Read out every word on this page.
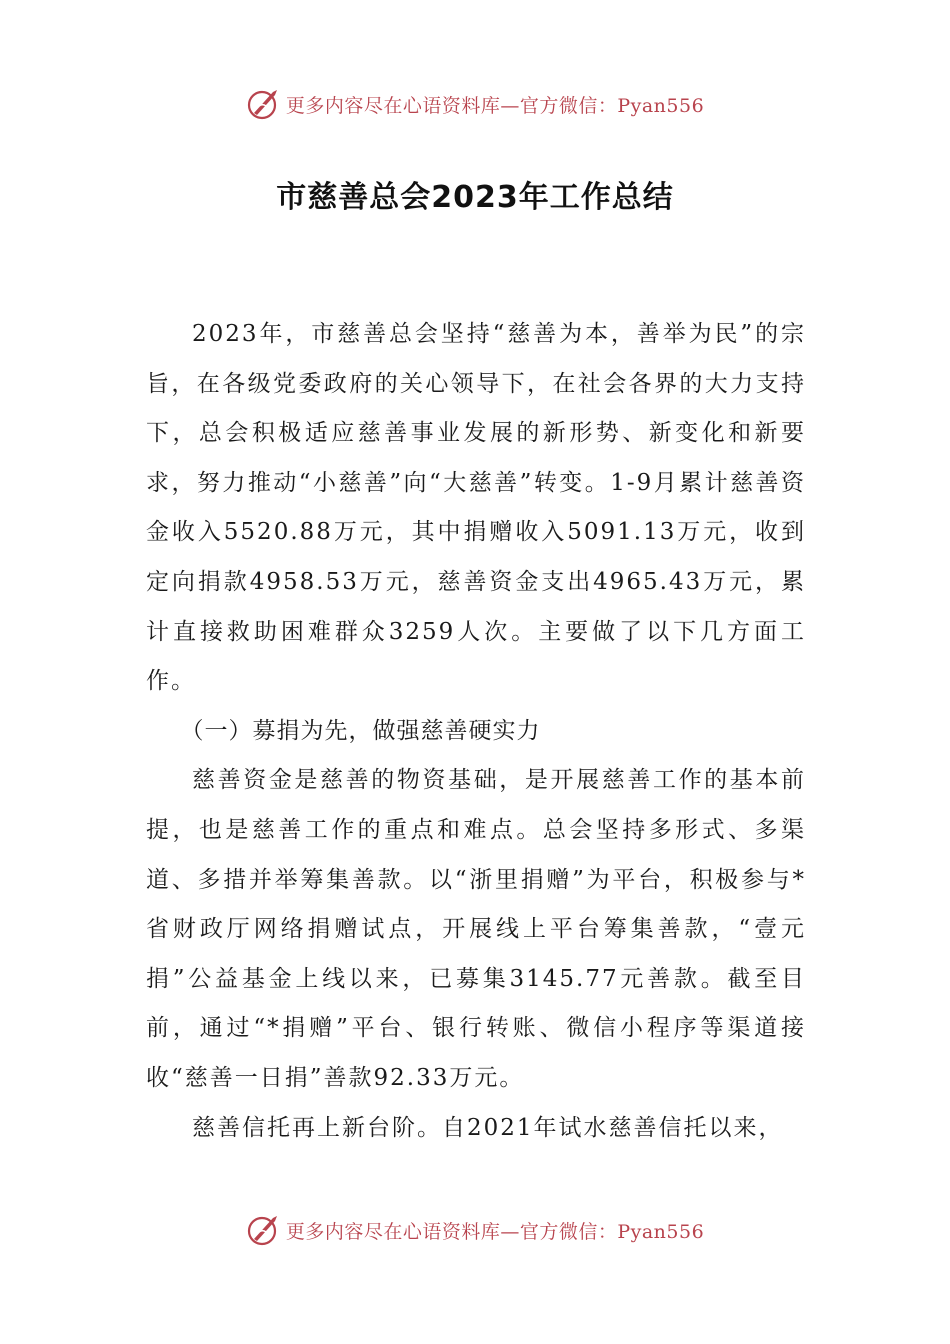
更多内容尽在心语资料库—官方微信：Pyan556
市慈善总会2023年工作总结

2023年，市慈善总会坚持“慈善为本，善举为民”的宗旨，在各级党委政府的关心领导下，在社会各界的大力支持下，总会积极适应慈善事业发展的新形势、新变化和新要求，努力推动“小慈善”向“大慈善”转变。1-9月累计慈善资金收入5520.88万元，其中捐赠收入5091.13万元，收到定向捐款4958.53万元，慈善资金支出4965.43万元，累计直接救助困难群众3259人次。主要做了以下几方面工作。

（一）募捐为先，做强慈善硬实力

慈善资金是慈善的物资基础，是开展慈善工作的基本前提，也是慈善工作的重点和难点。总会坚持多形式、多渠道、多措并举筹集善款。以“浙里捐赠”为平台，积极参与*省财政厅网络捐赠试点，开展线上平台筹集善款，“壹元捐”公益基金上线以来，已募集3145.77元善款。截至目前，通过“*捐赠”平台、银行转账、微信小程序等渠道接收“慈善一日捐”善款92.33万元。

慈善信托再上新台阶。自2021年试水慈善信托以来，

更多内容尽在心语资料库—官方微信：Pyan556
